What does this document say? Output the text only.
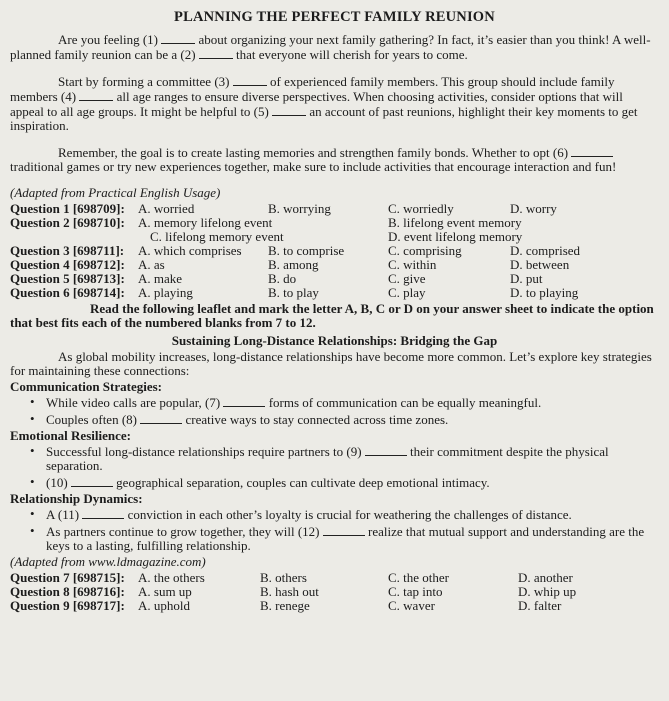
PLANNING THE PERFECT FAMILY REUNION

Are you feeling (1)	about organizing your next family gathering? In fact, it’s easier than you think! A well-planned family reunion can be a (2)	that everyone will cherish for years to come.

Start by forming a committee (3)	of experienced family members. This group should include family members (4)	all age ranges to ensure diverse perspectives. When choosing activities, consider options that will appeal to all age groups. It might be helpful to (5)	an account of past reunions, highlight their key moments to get inspiration.

Remember, the goal is to create lasting memories and strengthen family bonds. Whether to opt (6)  traditional games or try new experiences together, make sure to include activities that encourage interaction and fun!

(Adapted from Practical English Usage)
Question 1 [698709]: A. worried	B. worrying	C. worriedly	D. worry
Question 2 [698710]: A. memory lifelong event	B. lifelong event memory
C. lifelong memory event	D. event lifelong memory
Question 3 [698711]: A. which comprises B. to comprise	C. comprising	D. comprised
Question 4 [698712]: A. as	B. among	C. within	D. between
Question 5 [698713]: A. make	B. do	C. give	D. put
Question 6 [698714]: A. playing	B. to play	C. play	D. to playing
Read the following leaflet and mark the letter A, B, C or D on your answer sheet to indicate the option that best fits each of the numbered blanks from 7 to 12.
Sustaining Long-Distance Relationships: Bridging the Gap

As global mobility increases, long-distance relationships have become more common. Let’s explore key strategies for maintaining these connections:

Communication Strategies:
• While video calls are popular, (7)	forms of communication can be equally meaningful.
• Couples often (8)	creative ways to stay connected across time zones.
Emotional Resilience:
• Successful long-distance relationships require partners to (9)	their commitment despite the physical separation.
• (10)	geographical separation, couples can cultivate deep emotional intimacy.
Relationship Dynamics:
• A (11)	conviction in each other’s loyalty is crucial for weathering the challenges of distance.
• As partners continue to grow together, they will (12)	realize that mutual support and understanding are the keys to a lasting, fulfilling relationship.
(Adapted from www.ldmagazine.com)
Question 7 [698715]: A. the others	B. others	C. the other	D. another
Question 8 [698716]: A. sum up	B. hash out	C. tap into	D. whip up
Question 9 [698717]: A. uphold	B. renege	C. waver	D. falter
